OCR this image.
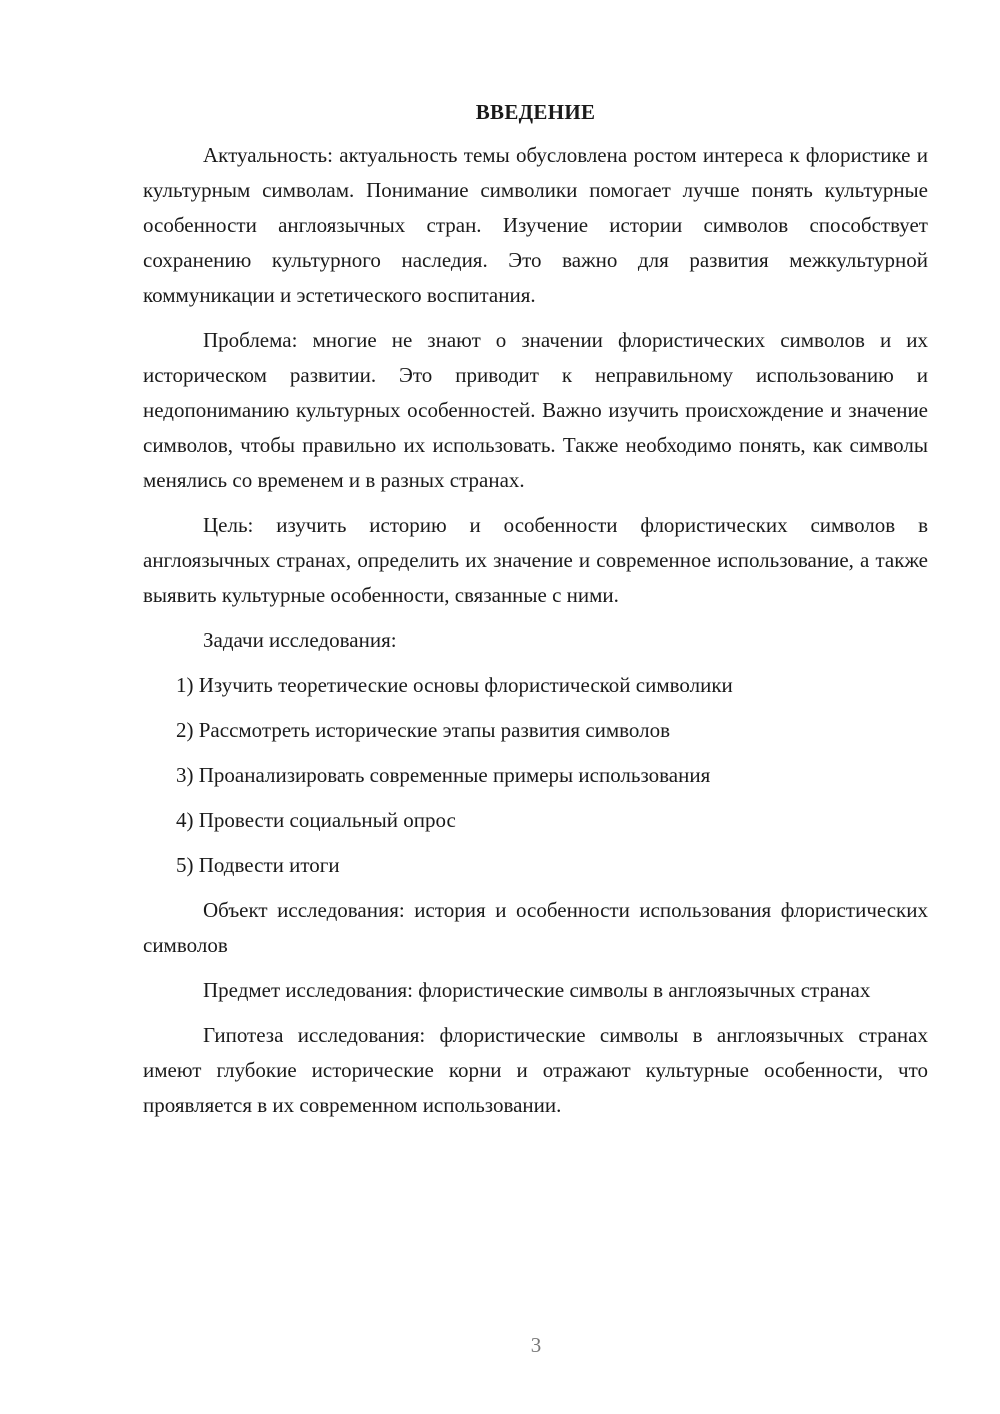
ВВЕДЕНИЕ

Актуальность: актуальность темы обусловлена ростом интереса к флористике и культурным символам. Понимание символики помогает лучше понять культурные особенности англоязычных стран. Изучение истории символов способствует сохранению культурного наследия. Это важно для развития межкультурной коммуникации и эстетического воспитания.

Проблема: многие не знают о значении флористических символов и их историческом развитии. Это приводит к неправильному использованию и недопониманию культурных особенностей. Важно изучить происхождение и значение символов, чтобы правильно их использовать. Также необходимо понять, как символы менялись со временем и в разных странах.

Цель: изучить историю и особенности флористических символов в англоязычных странах, определить их значение и современное использование, а также выявить культурные особенности, связанные с ними.

Задачи исследования:

1) Изучить теоретические основы флористической символики
2) Рассмотреть исторические этапы развития символов
3) Проанализировать современные примеры использования
4) Провести социальный опрос
5) Подвести итоги

Объект исследования: история и особенности использования флористических символов

Предмет исследования: флористические символы в англоязычных странах

Гипотеза исследования: флористические символы в англоязычных странах имеют глубокие исторические корни и отражают культурные особенности, что проявляется в их современном использовании.

3
